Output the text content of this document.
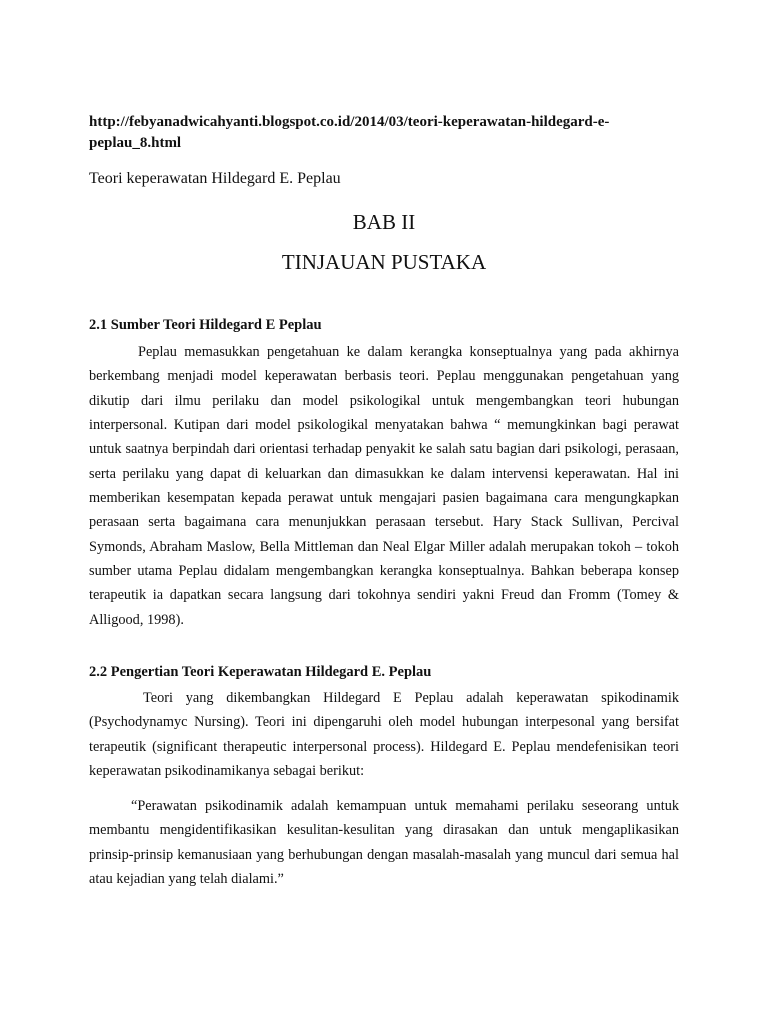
http://febyanadwicahyanti.blogspot.co.id/2014/03/teori-keperawatan-hildegard-e-peplau_8.html
Teori keperawatan Hildegard E. Peplau
BAB II
TINJAUAN PUSTAKA
2.1 Sumber Teori Hildegard E Peplau
Peplau memasukkan pengetahuan ke dalam kerangka konseptualnya yang pada akhirnya berkembang menjadi model keperawatan berbasis teori. Peplau menggunakan pengetahuan yang dikutip dari ilmu perilaku dan model psikologikal untuk mengembangkan teori hubungan interpersonal. Kutipan dari model psikologikal menyatakan bahwa “ memungkinkan bagi perawat untuk saatnya berpindah dari orientasi terhadap penyakit ke salah satu bagian dari psikologi, perasaan, serta perilaku yang dapat di keluarkan dan dimasukkan ke dalam intervensi keperawatan. Hal ini memberikan kesempatan kepada perawat untuk mengajari pasien bagaimana cara mengungkapkan perasaan serta bagaimana cara menunjukkan perasaan tersebut. Hary Stack Sullivan, Percival Symonds, Abraham Maslow, Bella Mittleman dan Neal Elgar Miller adalah merupakan tokoh – tokoh sumber utama Peplau didalam mengembangkan kerangka konseptualnya. Bahkan beberapa konsep terapeutik ia dapatkan secara langsung dari tokohnya sendiri yakni Freud dan Fromm (Tomey & Alligood, 1998).
2.2 Pengertian Teori Keperawatan Hildegard E. Peplau
Teori yang dikembangkan Hildegard E Peplau adalah keperawatan spikodinamik (Psychodynamyc Nursing). Teori ini dipengaruhi oleh model hubungan interpesonal yang bersifat terapeutik (significant therapeutic interpersonal process). Hildegard E. Peplau mendefenisikan teori keperawatan psikodinamikanya sebagai berikut:
“Perawatan psikodinamik adalah kemampuan untuk memahami perilaku seseorang untuk membantu mengidentifikasikan kesulitan-kesulitan yang dirasakan dan untuk mengaplikasikan prinsip-prinsip kemanusiaan yang berhubungan dengan masalah-masalah yang muncul dari semua hal atau kejadian yang telah dialami.”
